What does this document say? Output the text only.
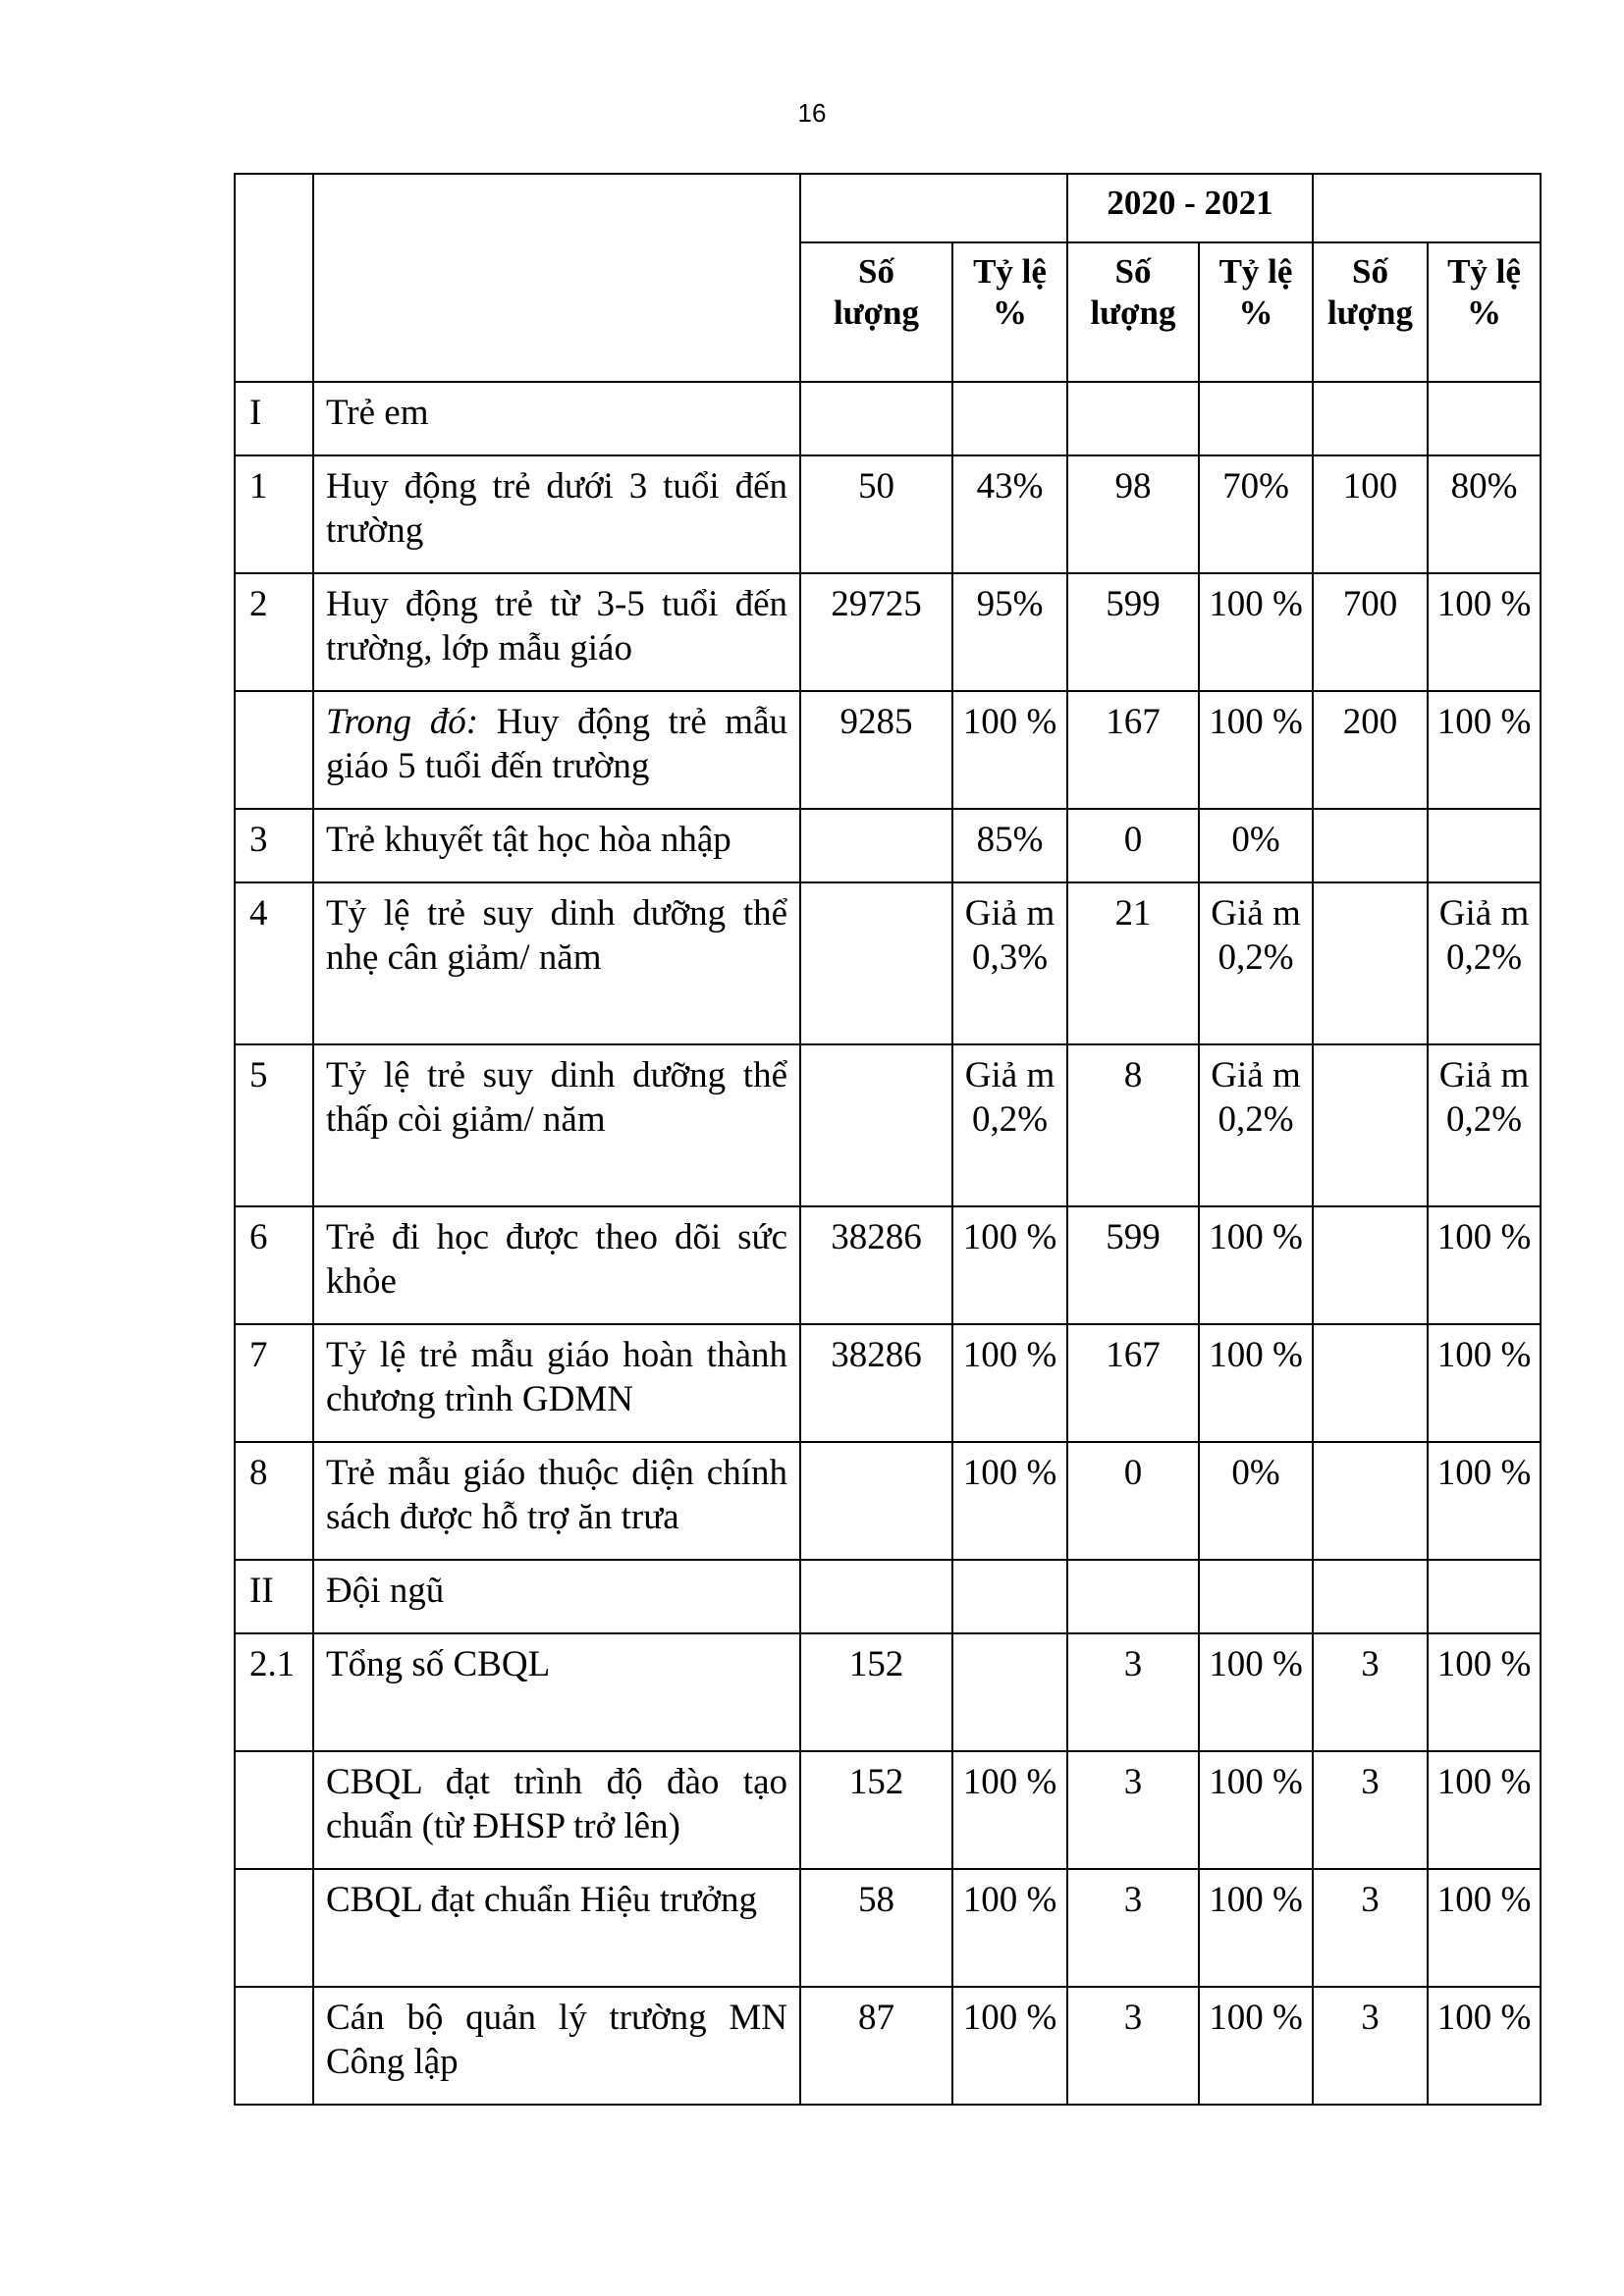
16
				2020 - 2021			
		Số lượng	Tỷ lệ %	Số lượng	Tỷ lệ %	Số lượng	Tỷ lệ %
I	Trẻ em						
1	Huy động trẻ dưới 3 tuổi đến trường	50	43%	98	70%	100	80%
2	Huy động trẻ từ 3-5 tuổi đến trường, lớp mẫu giáo	29725	95%	599	100 %	700	100 %
	Trong đó: Huy động trẻ mẫu giáo 5 tuổi đến trường	9285	100 %	167	100 %	200	100 %
3	Trẻ khuyết tật học hòa nhập		85%	0	0%		
4	Tỷ lệ trẻ suy dinh dưỡng thể nhẹ cân giảm/ năm		Giả m 0,3%	21	Giả m 0,2%		Giả m 0,2%
5	Tỷ lệ trẻ suy dinh dưỡng thể thấp còi giảm/ năm		Giả m 0,2%	8	Giả m 0,2%		Giả m 0,2%
6	Trẻ đi học được theo dõi sức khỏe	38286	100 %	599	100 %		100 %
7	Tỷ lệ trẻ mẫu giáo hoàn thành chương trình GDMN	38286	100 %	167	100 %		100 %
8	Trẻ mẫu giáo thuộc diện chính sách được hỗ trợ ăn trưa		100 %	0	0%		100 %
II	Đội ngũ						
2.1	Tổng số CBQL	152		3	100 %	3	100 %
	CBQL đạt trình độ đào tạo chuẩn (từ ĐHSP trở lên)	152	100 %	3	100 %	3	100 %
	CBQL đạt chuẩn Hiệu trưởng	58	100 %	3	100 %	3	100 %
	Cán bộ quản lý trường MN Công lập	87	100 %	3	100 %	3	100 %
